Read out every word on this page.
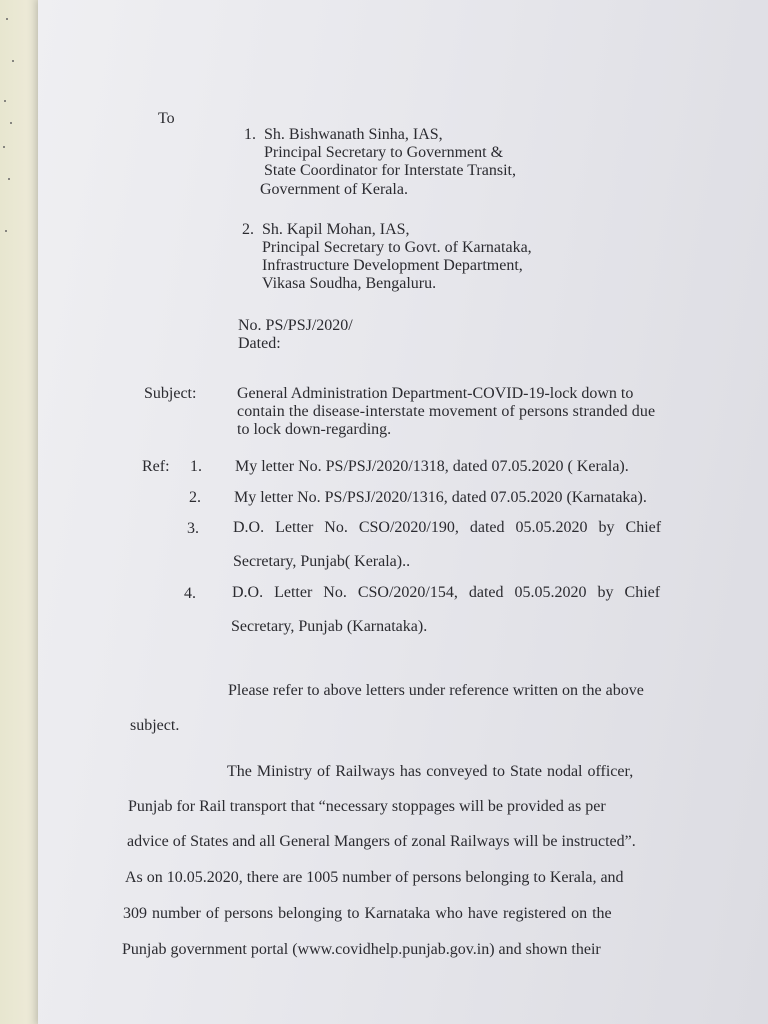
To
1. Sh. Bishwanath Sinha, IAS,
Principal Secretary to Government &
State Coordinator for Interstate Transit,
Government of Kerala.
2. Sh. Kapil Mohan, IAS,
Principal Secretary to Govt. of Karnataka,
Infrastructure Development Department,
Vikasa Soudha, Bengaluru.
No. PS/PSJ/2020/
Dated:
Subject:	General Administration Department-COVID-19-lock down to
contain the disease-interstate movement of persons stranded due
to lock down-regarding.
Ref: 1. My letter No. PS/PSJ/2020/1318, dated 07.05.2020 ( Kerala).
2. My letter No. PS/PSJ/2020/1316, dated 07.05.2020 (Karnataka).
3. D.O. Letter No. CSO/2020/190, dated 05.05.2020 by Chief
Secretary, Punjab( Kerala)..
4. D.O. Letter No. CSO/2020/154, dated 05.05.2020 by Chief
Secretary, Punjab (Karnataka).
Please refer to above letters under reference written on the above
subject.
The Ministry of Railways has conveyed to State nodal officer,
Punjab for Rail transport that “necessary stoppages will be provided as per
advice of States and all General Mangers of zonal Railways will be instructed”.
As on 10.05.2020, there are 1005 number of persons belonging to Kerala, and
309 number of persons belonging to Karnataka who have registered on the
Punjab government portal (www.covidhelp.punjab.gov.in) and shown their
